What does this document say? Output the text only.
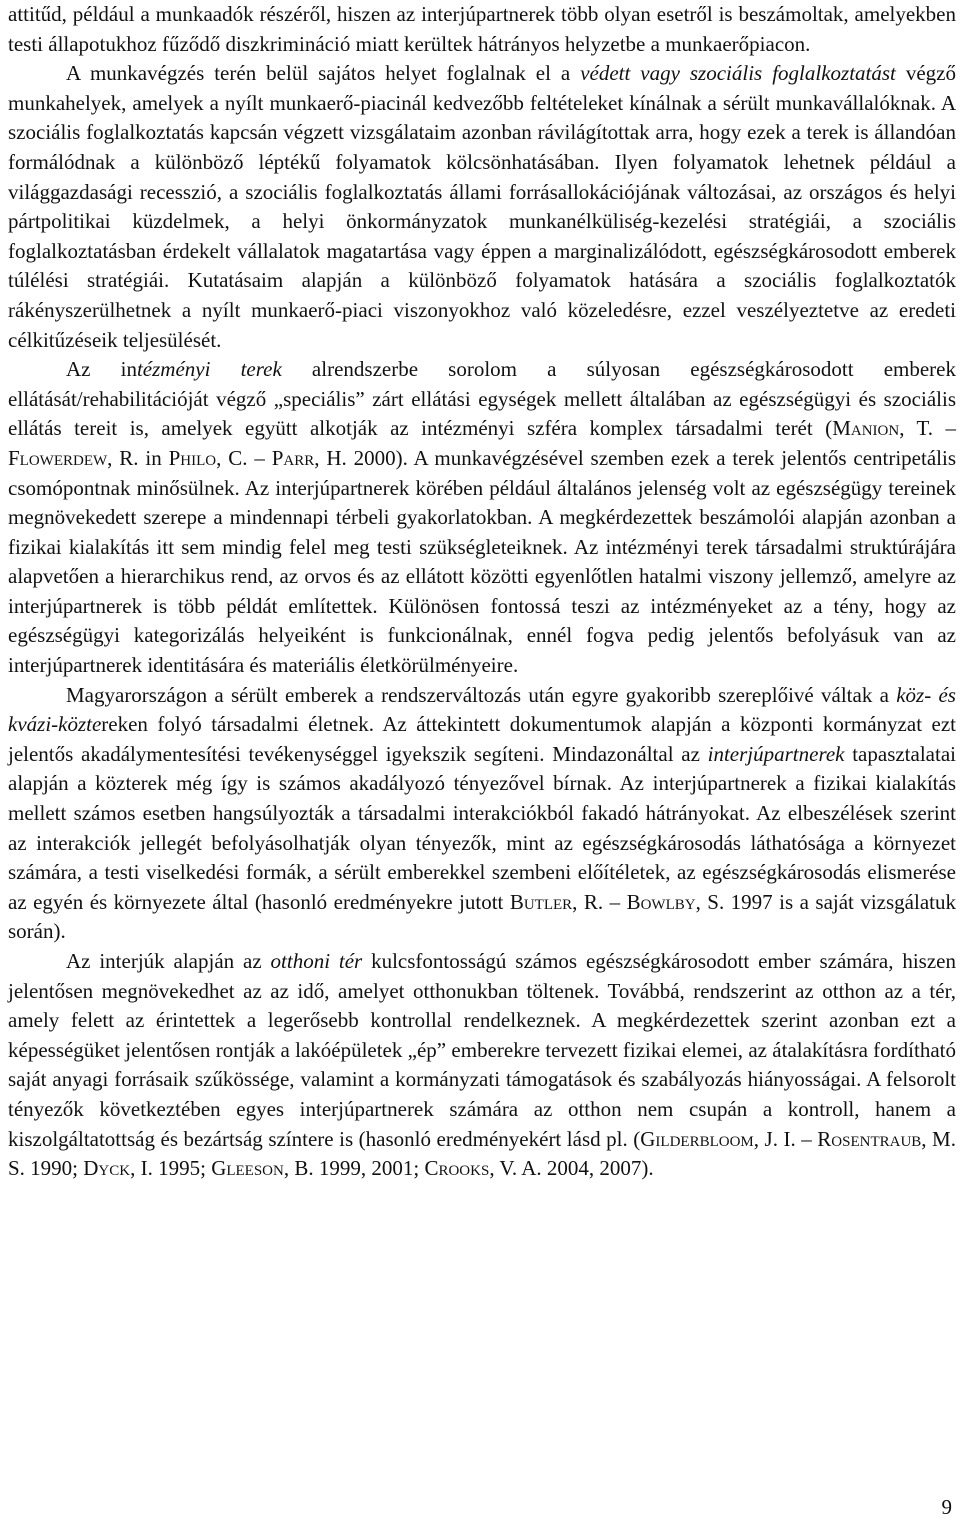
attitűd, például a munkaadók részéről, hiszen az interjúpartnerek több olyan esetről is beszámoltak, amelyekben testi állapotukhoz fűződő diszkrimináció miatt kerültek hátrányos helyzetbe a munkaerőpiacon.

A munkavégzés terén belül sajátos helyet foglalnak el a védett vagy szociális foglalkoztatást végző munkahelyek, amelyek a nyílt munkaerő-piacinál kedvezőbb feltételeket kínálnak a sérült munkavállalóknak. A szociális foglalkoztatás kapcsán végzett vizsgálataim azonban rávilágítottak arra, hogy ezek a terek is állandóan formálódnak a különböző léptékű folyamatok kölcsönhatásában. Ilyen folyamatok lehetnek például a világgazdasági recesszió, a szociális foglalkoztatás állami forrásallokációjának változásai, az országos és helyi pártpolitikai küzdelmek, a helyi önkormányzatok munkanélküliség-kezelési stratégiái, a szociális foglalkoztatásban érdekelt vállalatok magatartása vagy éppen a marginalizálódott, egészségkárosodott emberek túlélési stratégiái. Kutatásaim alapján a különböző folyamatok hatására a szociális foglalkoztatók rákényszerülhetnek a nyílt munkaerő-piaci viszonyokhoz való közeledésre, ezzel veszélyeztetve az eredeti célkitűzéseik teljesülését.

Az intézményi terek alrendszerbe sorolom a súlyosan egészségkárosodott emberek ellátását/rehabilitációját végző „speciális” zárt ellátási egységek mellett általában az egészségügyi és szociális ellátás tereit is, amelyek együtt alkotják az intézményi szféra komplex társadalmi terét (Manion, T. – Flowerdew, R. in Philo, C. – Parr, H. 2000). A munkavégzésével szemben ezek a terek jelentős centripetális csomópontnak minősülnek. Az interjúpartnerek körében például általános jelenség volt az egészségügy tereinek megnövekedett szerepe a mindennapi térbeli gyakorlatokban. A megkérdezettek beszámolói alapján azonban a fizikai kialakítás itt sem mindig felel meg testi szükségleteiknek. Az intézményi terek társadalmi struktúrájára alapvetően a hierarchikus rend, az orvos és az ellátott közötti egyenlőtlen hatalmi viszony jellemző, amelyre az interjúpartnerek is több példát említettek. Különösen fontossá teszi az intézményeket az a tény, hogy az egészségügyi kategorizálás helyeiként is funkcionálnak, ennél fogva pedig jelentős befolyásuk van az interjúpartnerek identitására és materiális életkörülményeire.

Magyarországon a sérült emberek a rendszerváltozás után egyre gyakoribb szereplőivé váltak a köz- és kvázi-köztereken folyó társadalmi életnek. Az áttekintett dokumentumok alapján a központi kormányzat ezt jelentős akadálymentesítési tevékenységgel igyekszik segíteni. Mindazonáltal az interjúpartnerek tapasztalatai alapján a közterek még így is számos akadályozó tényezővel bírnak. Az interjúpartnerek a fizikai kialakítás mellett számos esetben hangsúlyozták a társadalmi interakciókból fakadó hátrányokat. Az elbeszélések szerint az interakciók jellegét befolyásolhatják olyan tényezők, mint az egészségkárosodás láthatósága a környezet számára, a testi viselkedési formák, a sérült emberekkel szembeni előítéletek, az egészségkárosodás elismerése az egyén és környezete által (hasonló eredményekre jutott Butler, R. – Bowlby, S. 1997 is a saját vizsgálatuk során).

Az interjúk alapján az otthoni tér kulcsfontosságú számos egészségkárosodott ember számára, hiszen jelentősen megnövekedhet az az idő, amelyet otthonukban töltenek. Továbbá, rendszerint az otthon az a tér, amely felett az érintettek a legerősebb kontrollal rendelkeznek. A megkérdezettek szerint azonban ezt a képességüket jelentősen rontják a lakóépületek „ép” emberekre tervezett fizikai elemei, az átalakításra fordítható saját anyagi forrásaik szűkössége, valamint a kormányzati támogatások és szabályozás hiányosságai. A felsorolt tényezők következtében egyes interjúpartnerek számára az otthon nem csupán a kontroll, hanem a kiszolgáltatottság és bezártság színtere is (hasonló eredményekért lásd pl. (Gilderbloom, J. I. – Rosentraub, M. S. 1990; Dyck, I. 1995; Gleeson, B. 1999, 2001; Crooks, V. A. 2004, 2007).

9
